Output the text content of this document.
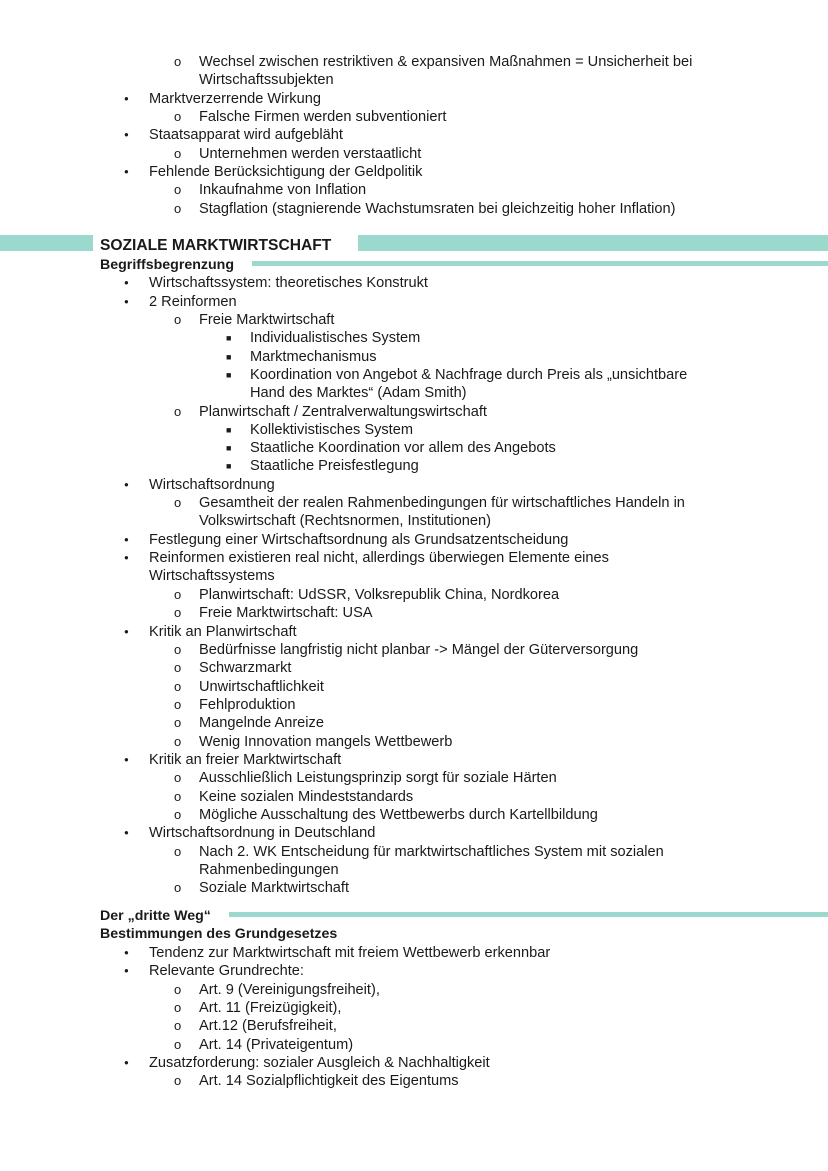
SOZIALE MARKTWIRTSCHAFT
Begriffsbegrenzung
Der „dritte Weg“
Bestimmungen des Grundgesetzes
o Wechsel zwischen restriktiven & expansiven Maßnahmen = Unsicherheit bei
Wirtschaftssubjekten
● Marktverzerrende Wirkung
o Falsche Firmen werden subventioniert
● Staatsapparat wird aufgebläht
o Unternehmen werden verstaatlicht
● Fehlende Berücksichtigung der Geldpolitik
o Inkaufnahme von Inflation
o Stagflation (stagnierende Wachstumsraten bei gleichzeitig hoher Inflation)
● Wirtschaftssystem: theoretisches Konstrukt
● 2 Reinformen
o Freie Marktwirtschaft
■ Individualistisches System
■ Marktmechanismus
■ Koordination von Angebot & Nachfrage durch Preis als „unsichtbare
Hand des Marktes“ (Adam Smith)
o Planwirtschaft / Zentralverwaltungswirtschaft
■ Kollektivistisches System
■ Staatliche Koordination vor allem des Angebots
■ Staatliche Preisfestlegung
● Wirtschaftsordnung
o Gesamtheit der realen Rahmenbedingungen für wirtschaftliches Handeln in
Volkswirtschaft (Rechtsnormen, Institutionen)
● Festlegung einer Wirtschaftsordnung als Grundsatzentscheidung
● Reinformen existieren real nicht, allerdings überwiegen Elemente eines
Wirtschaftssystems
o Planwirtschaft: UdSSR, Volksrepublik China, Nordkorea
o Freie Marktwirtschaft: USA
● Kritik an Planwirtschaft
o Bedürfnisse langfristig nicht planbar -> Mängel der Güterversorgung
o Schwarzmarkt
o Unwirtschaftlichkeit
o Fehlproduktion
o Mangelnde Anreize
o Wenig Innovation mangels Wettbewerb
● Kritik an freier Marktwirtschaft
o Ausschließlich Leistungsprinzip sorgt für soziale Härten
o Keine sozialen Mindeststandards
o Mögliche Ausschaltung des Wettbewerbs durch Kartellbildung
● Wirtschaftsordnung in Deutschland
o Nach 2. WK Entscheidung für marktwirtschaftliches System mit sozialen
Rahmenbedingungen
o Soziale Marktwirtschaft
● Tendenz zur Marktwirtschaft mit freiem Wettbewerb erkennbar
● Relevante Grundrechte:
o Art. 9 (Vereinigungsfreiheit),
o Art. 11 (Freizügigkeit),
o Art.12 (Berufsfreiheit,
o Art. 14 (Privateigentum)
● Zusatzforderung: sozialer Ausgleich & Nachhaltigkeit
o Art. 14 Sozialpflichtigkeit des Eigentums
